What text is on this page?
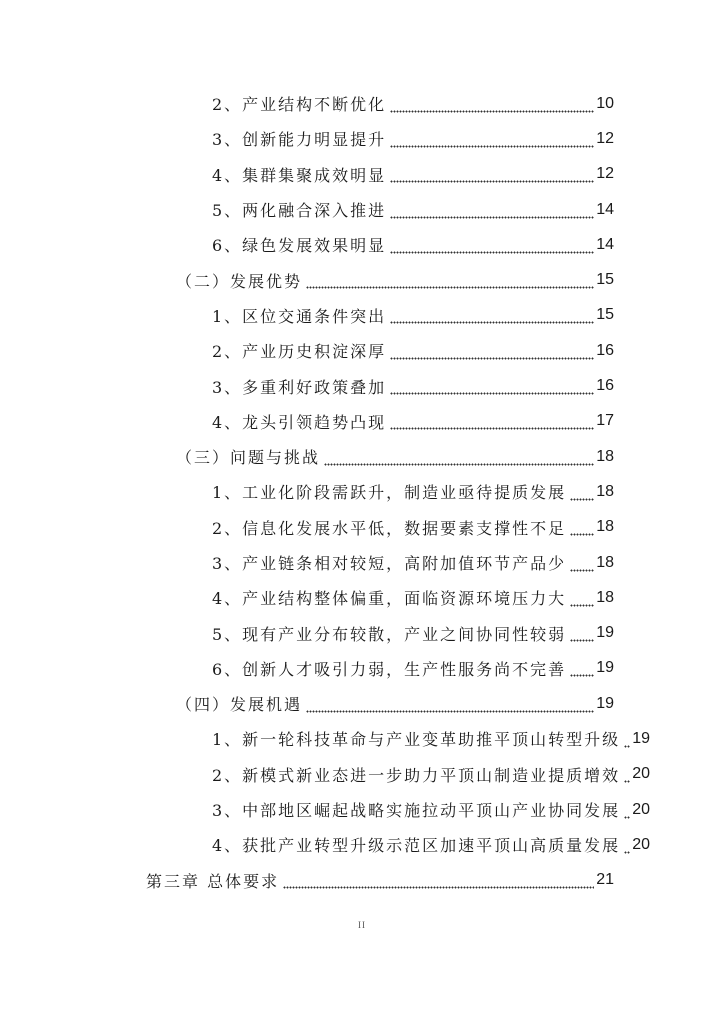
2、产业结构不断优化	10
3、创新能力明显提升	12
4、集群集聚成效明显	12
5、两化融合深入推进	14
6、绿色发展效果明显	14
（二）发展优势	15
1、区位交通条件突出	15
2、产业历史积淀深厚	16
3、多重利好政策叠加	16
4、龙头引领趋势凸现	17
（三）问题与挑战	18
1、工业化阶段需跃升，制造业亟待提质发展 18
2、信息化发展水平低，数据要素支撑性不足 18
3、产业链条相对较短，高附加值环节产品少 18
4、产业结构整体偏重，面临资源环境压力大 18
5、现有产业分布较散，产业之间协同性较弱 19
6、创新人才吸引力弱，生产性服务尚不完善 19
（四）发展机遇	19
1、新一轮科技革命与产业变革助推平顶山转型升级 19
2、新模式新业态进一步助力平顶山制造业提质增效 20
3、中部地区崛起战略实施拉动平顶山产业协同发展 20
4、获批产业转型升级示范区加速平顶山高质量发展 20
第三章 总体要求	21
II
